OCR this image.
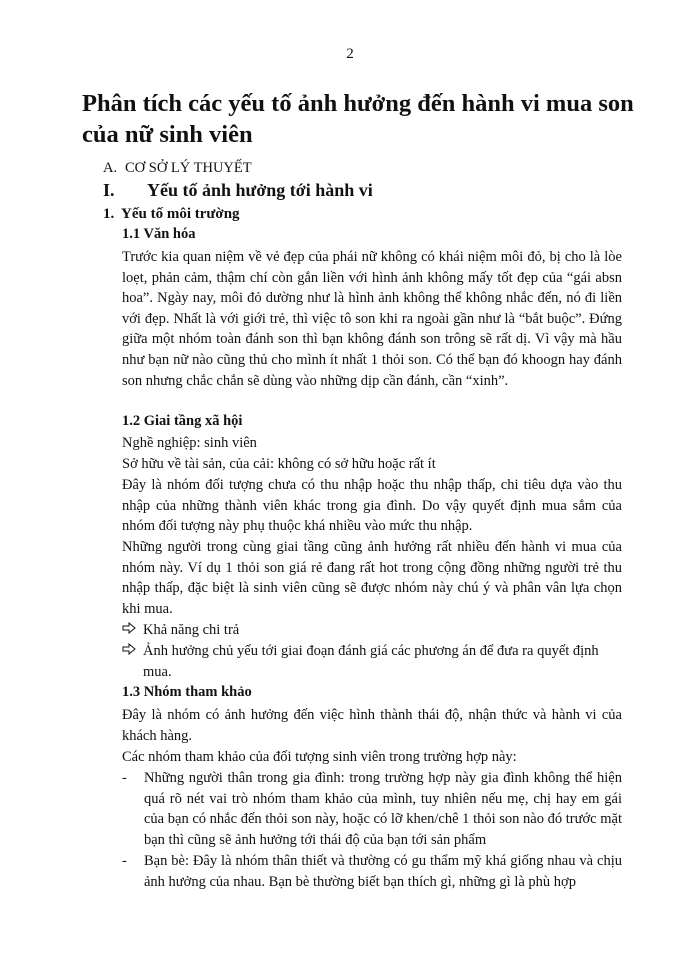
2
Phân tích các yếu tố ảnh hưởng đến hành vi mua son của nữ sinh viên
A. CƠ SỞ LÝ THUYẾT
I. Yếu tố ảnh hưởng tới hành vi
1. Yếu tố môi trường
1.1 Văn hóa

Trước kia quan niệm về vẻ đẹp của phái nữ không có khái niệm môi đỏ, bị cho là lòe loẹt, phản cảm, thậm chí còn gắn liền với hình ảnh không mấy tốt đẹp của “gái absn hoa”. Ngày nay, môi đỏ dường như là hình ảnh không thể không nhắc đến, nó đi liền với đẹp. Nhất là với giới trẻ, thì việc tô son khi ra ngoài gần như là “bắt buộc”. Đứng giữa một nhóm toàn đánh son thì bạn không đánh son trông sẽ rất dị. Vì vậy mà hầu như bạn nữ nào cũng thủ cho mình ít nhất 1 thỏi son. Có thể bạn đó khoogn hay đánh son nhưng chắc chắn sẽ dùng vào những dịp cần đánh, cần “xinh”.

1.2 Giai tầng xã hội
Nghề nghiệp: sinh viên
Sở hữu về tài sản, của cải: không có sở hữu hoặc rất ít

Đây là nhóm đối tượng chưa có thu nhập hoặc thu nhập thấp, chi tiêu dựa vào thu nhập của những thành viên khác trong gia đình. Do vậy quyết định mua sắm của nhóm đối tượng này phụ thuộc khá nhiều vào mức thu nhập.

Những người trong cùng giai tầng cũng ảnh hưởng rất nhiều đến hành vi mua của nhóm này. Ví dụ 1 thỏi son giá rẻ đang rất hot trong cộng đồng những người trẻ thu nhập thấp, đặc biệt là sinh viên cũng sẽ được nhóm này chú ý và phân vân lựa chọn khi mua.

Khả năng chi trả
Ảnh hưởng chủ yếu tới giai đoạn đánh giá các phương án để đưa ra quyết định mua.
1.3 Nhóm tham khảo

Đây là nhóm có ảnh hưởng đến việc hình thành thái độ, nhận thức và hành vi của khách hàng.

Các nhóm tham khảo của đối tượng sinh viên trong trường hợp này:

- Những người thân trong gia đình: trong trường hợp này gia đình không thể hiện quá rõ nét vai trò nhóm tham khảo của mình, tuy nhiên nếu mẹ, chị hay em gái của bạn có nhắc đến thỏi son này, hoặc có lỡ khen/chê 1 thỏi son nào đó trước mặt bạn thì cũng sẽ ảnh hưởng tới thái độ của bạn tới sản phẩm
- Bạn bè: Đây là nhóm thân thiết và thường có gu thẩm mỹ khá giống nhau và chịu ảnh hưởng của nhau. Bạn bè thường biết bạn thích gì, những gì là phù hợp
